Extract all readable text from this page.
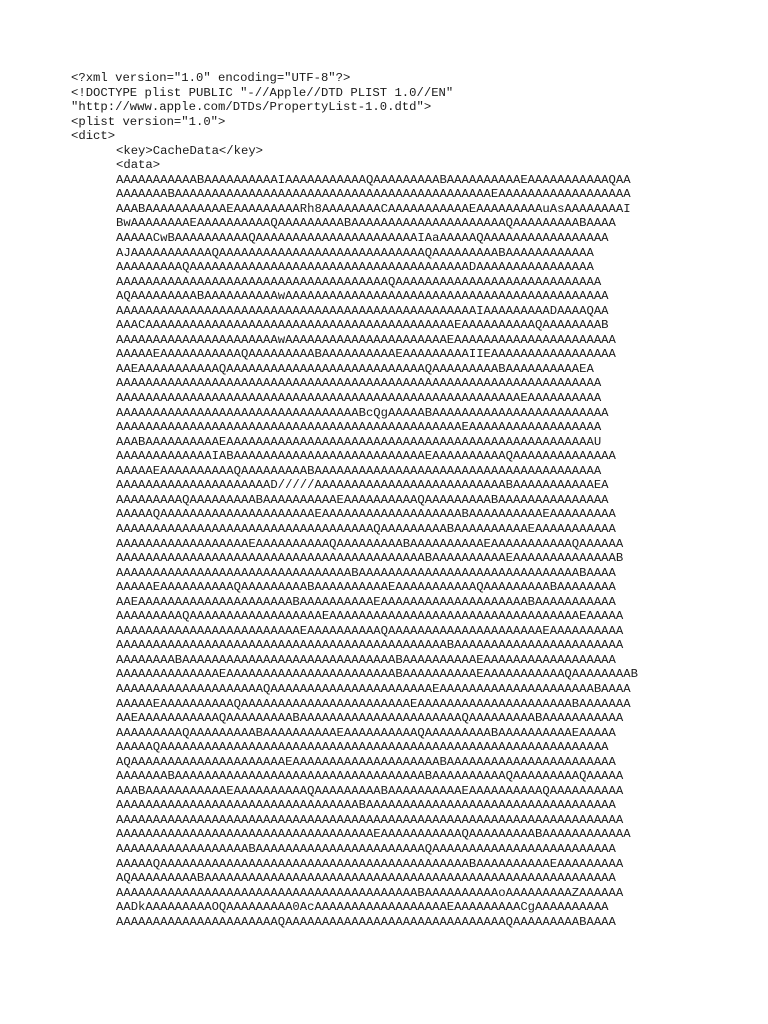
<?xml version="1.0" encoding="UTF-8"?>
<!DOCTYPE plist PUBLIC "-//Apple//DTD PLIST 1.0//EN"
"http://www.apple.com/DTDs/PropertyList-1.0.dtd">
<plist version="1.0">
<dict>
<key>CacheData</key>
<data>
AAAAAAAAAAABAAAAAAAAAAIAAAAAAAAAAAQAAAAAAAAABAAAAAAAAAAEAAAAAAAAAAAQAA
AAAAAAABAAAAAAAAAAAAAAAAAAAAAAAAAAAAAAAAAAAAAAAAAAAEAAAAAAAAAAAAAAAAAA
AAABAAAAAAAAAAAEAAAAAAAAARh8AAAAAAAACAAAAAAAAAAAEAAAAAAAAAuAsAAAAAAAAI
BwAAAAAAAAEAAAAAAAAAAQAAAAAAAAABAAAAAAAAAAAAAAAAAAAAAQAAAAAAAAABAAAA
AAAAACwBAAAAAAAAAAQAAAAAAAAAAAAAAAAAAAAAAIAaAAAAAQAAAAAAAAAAAAAAAAA
AJAAAAAAAAAAAQAAAAAAAAAAAAAAAAAAAAAAAAAAAAQAAAAAAAAABAAAAAAAAAAAA
AAAAAAAAAQAAAAAAAAAAAAAAAAAAAAAAAAAAAAAAAAAAAAAADAAAAAAAAAAAAAAAA
AAAAAAAAAAAAAAAAAAAAAAAAAAAAAAAAAAAAAQAAAAAAAAAAAAAAAAAAAAAAAAAAAA
AQAAAAAAAAABAAAAAAAAAAwAAAAAAAAAAAAAAAAAAAAAAAAAAAAAAAAAAAAAAAAAAAA
AAAAAAAAAAAAAAAAAAAAAAAAAAAAAAAAAAAAAAAAAAAAAAAAAIAAAAAAAAADAAAAQAA
AAACAAAAAAAAAAAAAAAAAAAAAAAAAAAAAAAAAAAAAAAAAAEAAAAAAAAAAQAAAAAAAAB
AAAAAAAAAAAAAAAAAAAAAAwAAAAAAAAAAAAAAAAAAAAAAEAAAAAAAAAAAAAAAAAAAAAA
AAAAAEAAAAAAAAAAAQAAAAAAAAABAAAAAAAAAAEAAAAAAAAAIIEAAAAAAAAAAAAAAAAA
AAEAAAAAAAAAAAQAAAAAAAAAAAAAAAAAAAAAAAAAAAQAAAAAAAAABAAAAAAAAAAEA
AAAAAAAAAAAAAAAAAAAAAAAAAAAAAAAAAAAAAAAAAAAAAAAAAAAAAAAAAAAAAAAAAA
AAAAAAAAAAAAAAAAAAAAAAAAAAAAAAAAAAAAAAAAAAAAAAAAAAAAAAAEAAAAAAAAAA
AAAAAAAAAAAAAAAAAAAAAAAAAAAAAAAAABcQgAAAAABAAAAAAAAAAAAAAAAAAAAAAAA
AAAAAAAAAAAAAAAAAAAAAAAAAAAAAAAAAAAAAAAAAAAAAAAEAAAAAAAAAAAAAAAAAA
AAABAAAAAAAAAAEAAAAAAAAAAAAAAAAAAAAAAAAAAAAAAAAAAAAAAAAAAAAAAAAAAU
AAAAAAAAAAAAAIABAAAAAAAAAAAAAAAAAAAAAAAAAAEAAAAAAAAAAQAAAAAAAAAAAAAA
AAAAAEAAAAAAAAAAQAAAAAAAAABAAAAAAAAAAAAAAAAAAAAAAAAAAAAAAAAAAAAAAA
AAAAAAAAAAAAAAAAAAAAAD/////AAAAAAAAAAAAAAAAAAAAAAAAAABAAAAAAAAAAAEA
AAAAAAAAAQAAAAAAAAABAAAAAAAAAAEAAAAAAAAAAQAAAAAAAAABAAAAAAAAAAAAAAA
AAAAAQAAAAAAAAAAAAAAAAAAAAAEAAAAAAAAAAAAAAAAAAABAAAAAAAAAAEAAAAAAAAA
AAAAAAAAAAAAAAAAAAAAAAAAAAAAAAAAAAAQAAAAAAAAABAAAAAAAAAAEAAAAAAAAAAA
AAAAAAAAAAAAAAAAAAEAAAAAAAAAAQAAAAAAAAABAAAAAAAAAAEAAAAAAAAAAAQAAAAAA
AAAAAAAAAAAAAAAAAAAAAAAAAAAAAAAAAAAAAAAAAABAAAAAAAAAAEAAAAAAAAAAAAAAB
AAAAAAAAAAAAAAAAAAAAAAAAAAAAAAAABAAAAAAAAAAAAAAAAAAAAAAAAAAAAAABAAAA
AAAAAEAAAAAAAAAAQAAAAAAAAABAAAAAAAAAAEAAAAAAAAAAAQAAAAAAAAABAAAAAAAA
AAEAAAAAAAAAAAAAAAAAAAAABAAAAAAAAAAEAAAAAAAAAAAAAAAAAAAABAAAAAAAAAAA
AAAAAAAAAQAAAAAAAAAAAAAAAAAAEAAAAAAAAAAAAAAAAAAAAAAAAAAAAAAAAAAEAAAAA
AAAAAAAAAAAAAAAAAAAAAAAAAEAAAAAAAAAAQAAAAAAAAAAAAAAAAAAAAAEAAAAAAAAAA
AAAAAAAAAAAAAAAAAAAAAAAAAAAAAAAAAAAAAAAAAAAAABAAAAAAAAAAAAAAAAAAAAAAA
AAAAAAAABAAAAAAAAAAAAAAAAAAAAAAAAAAAAABAAAAAAAAAAEAAAAAAAAAAAAAAAAAA
AAAAAAAAAAAAAAEAAAAAAAAAAAAAAAAAAAAAAABAAAAAAAAAAEAAAAAAAAAAAQAAAAAAAAB
AAAAAAAAAAAAAAAAAAAAQAAAAAAAAAAAAAAAAAAAAAAEAAAAAAAAAAAAAAAAAAAAABAAAA
AAAAAEAAAAAAAAAAQAAAAAAAAAAAAAAAAAAAAAAAEAAAAAAAAAAAAAAAAAAAAABAAAAAAA
AAEAAAAAAAAAAAQAAAAAAAAABAAAAAAAAAAAAAAAAAAAAAAQAAAAAAAAABAAAAAAAAAAA
AAAAAAAAAQAAAAAAAAABAAAAAAAAAAEAAAAAAAAAAQAAAAAAAAABAAAAAAAAAAEAAAAA
AAAAAQAAAAAAAAAAAAAAAAAAAAAAAAAAAAAAAAAAAAAAAAAAAAAAAAAAAAAAAAAAAAA
AQAAAAAAAAAAAAAAAAAAAAAEAAAAAAAAAAAAAAAAAAAABAAAAAAAAAAAAAAAAAAAAAAA
AAAAAAABAAAAAAAAAAAAAAAAAAAAAAAAAAAAAAAAAABAAAAAAAAAAQAAAAAAAAAQAAAAA
AAABAAAAAAAAAAAEAAAAAAAAAAQAAAAAAAAABAAAAAAAAAAEAAAAAAAAAAQAAAAAAAAAA
AAAAAAAAAAAAAAAAAAAAAAAAAAAAAAAAABAAAAAAAAAAAAAAAAAAAAAAAAAAAAAAAAAA
AAAAAAAAAAAAAAAAAAAAAAAAAAAAAAAAAAAAAAAAAAAAAAAAAAAAAAAAAAAAAAAAAAAAA
AAAAAAAAAAAAAAAAAAAAAAAAAAAAAAAAAAAEAAAAAAAAAAAQAAAAAAAAABAAAAAAAAAAAA
AAAAAAAAAAAAAAAAAABAAAAAAAAAAAAAAAAAAAAAAAQAAAAAAAAAAAAAAAAAAAAAAAAA
AAAAAQAAAAAAAAAAAAAAAAAAAAAAAAAAAAAAAAAAAAAAAAAABAAAAAAAAAAEAAAAAAAAA
AQAAAAAAAAABAAAAAAAAAAAAAAAAAAAAAAAAAAAAAAAAAAAAAAAAAAAAAAAAAAAAAAAA
AAAAAAAAAAAAAAAAAAAAAAAAAAAAAAAAAAAAAAAAABAAAAAAAAAAoAAAAAAAAAZAAAAAA
AADkAAAAAAAAAOQAAAAAAAAA0AcAAAAAAAAAAAAAAAAAAEAAAAAAAAACgAAAAAAAAAA
AAAAAAAAAAAAAAAAAAAAAAQAAAAAAAAAAAAAAAAAAAAAAAAAAAAAAQAAAAAAAAABAAAA
